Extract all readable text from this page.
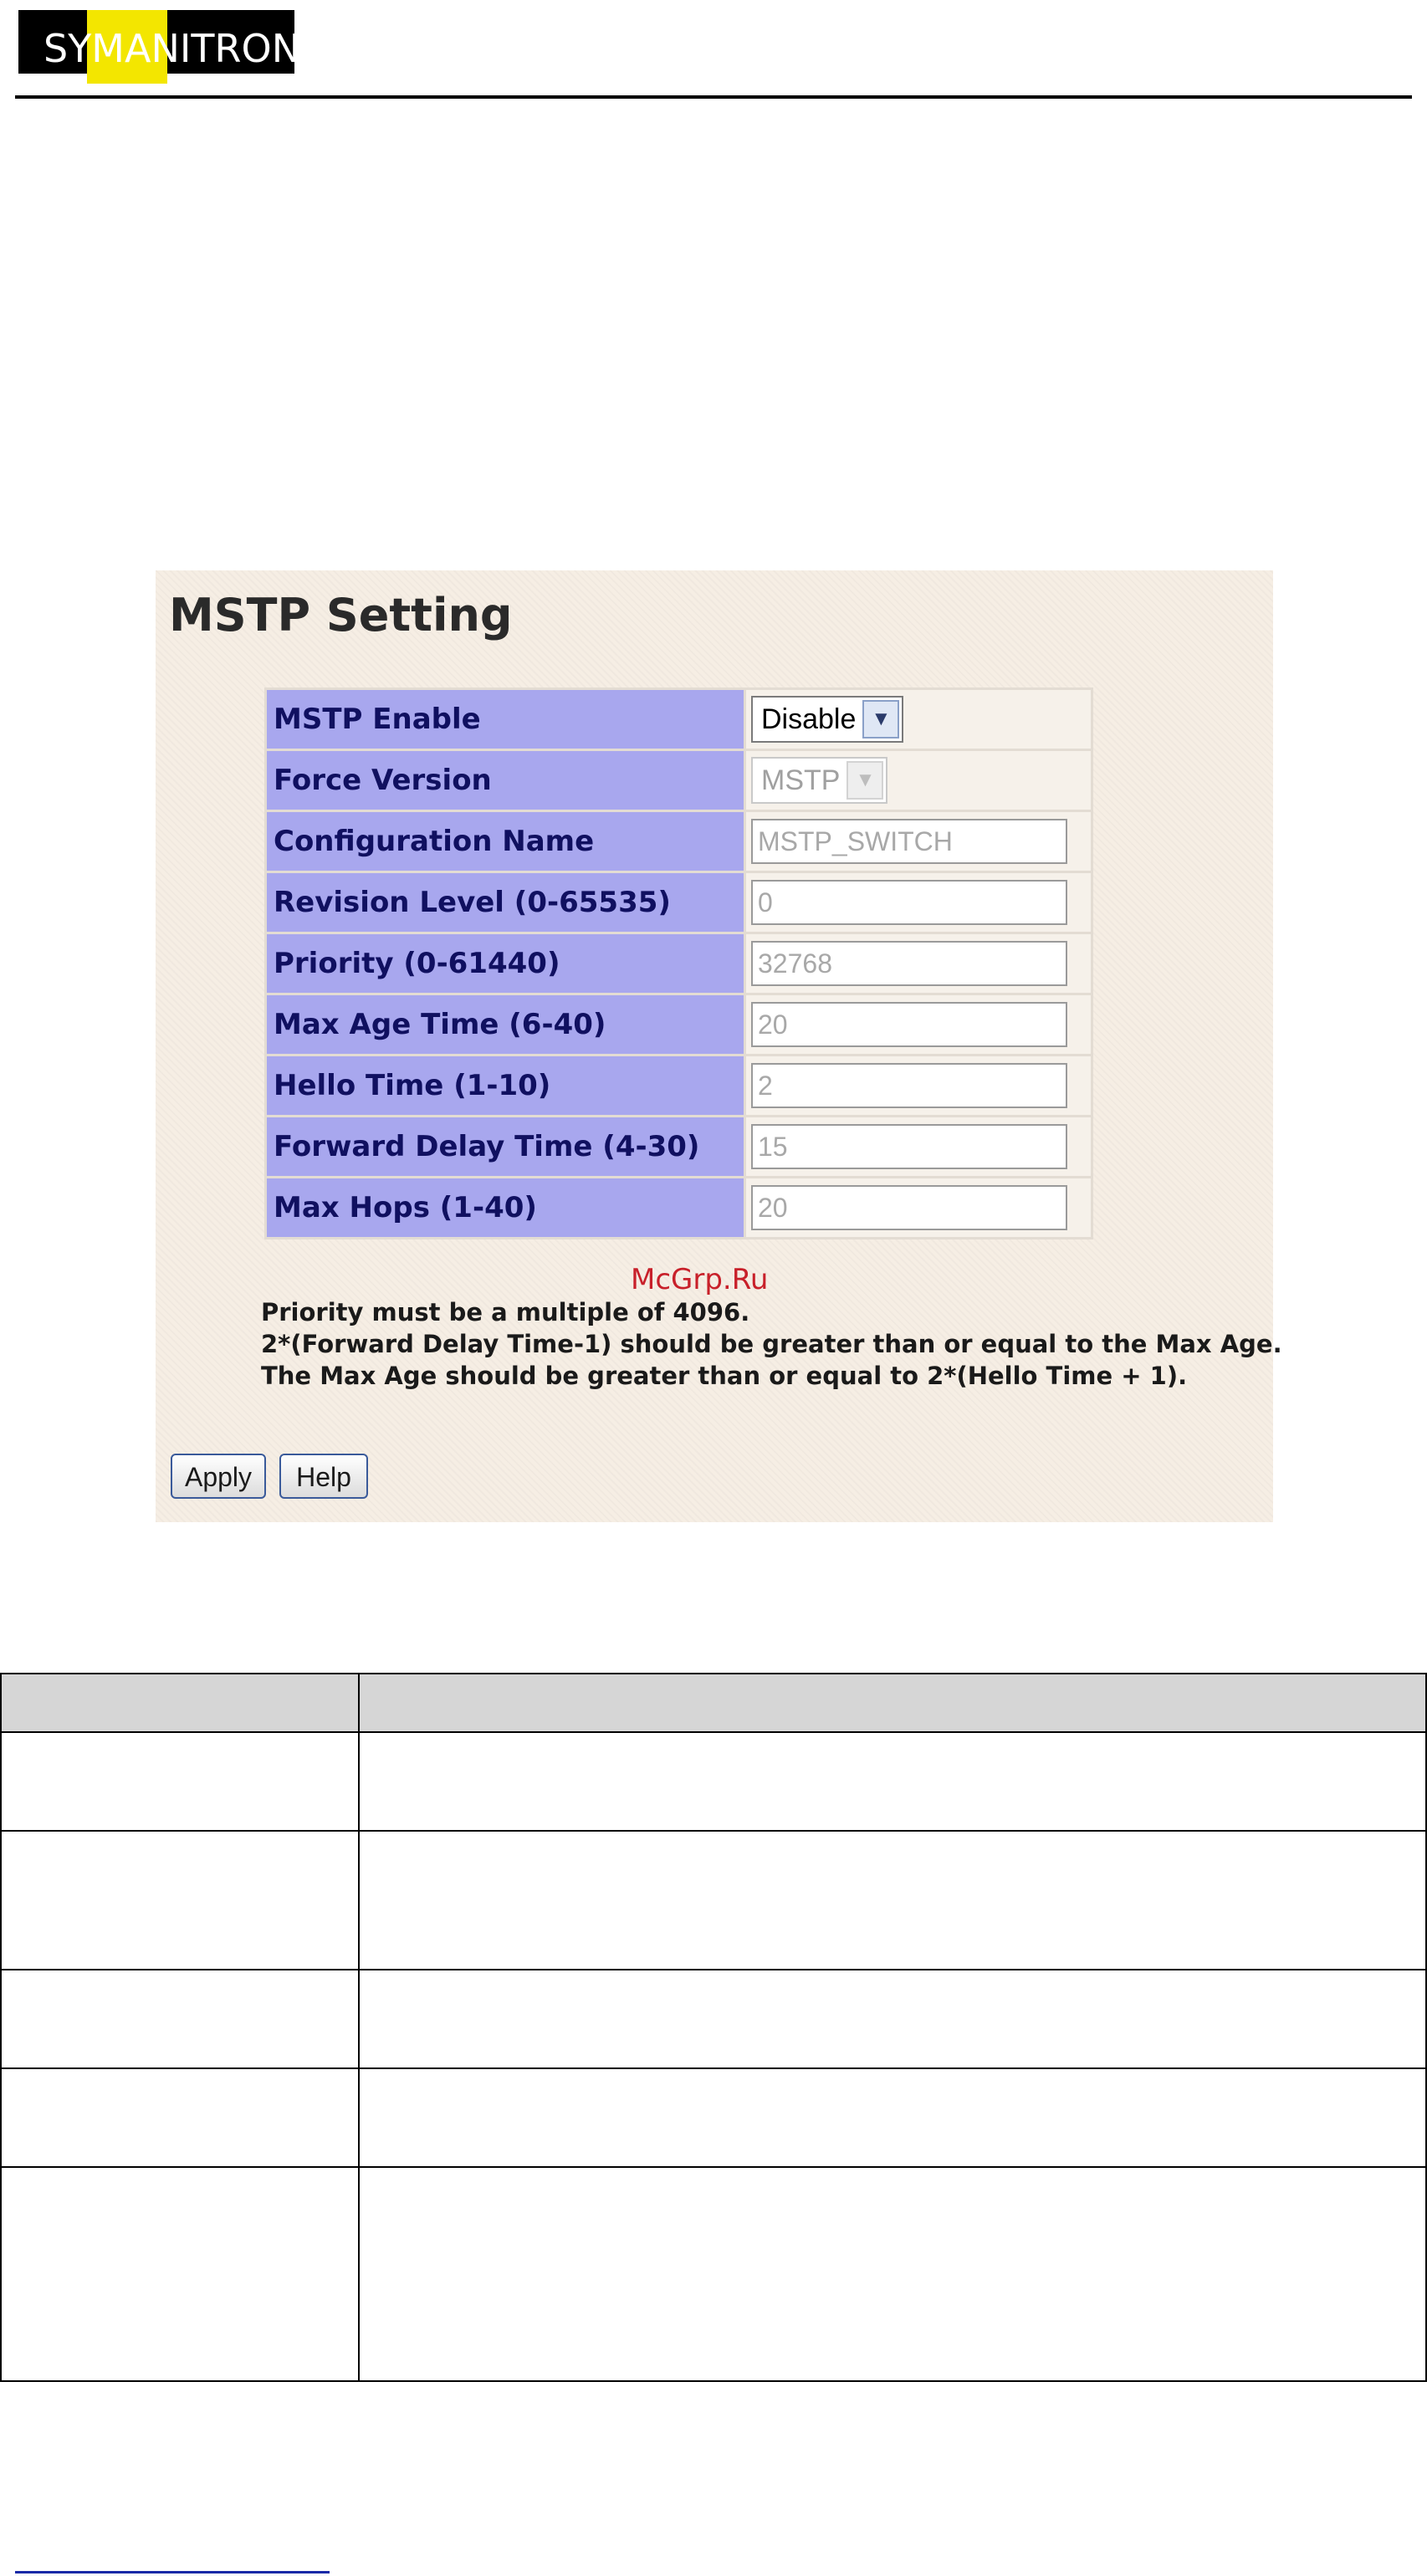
SYMANITRON
MSTP Setting
MSTP Enable	Disable ▼

Force Version	MSTP ▼

Configuration Name	MSTP_SWITCH

Revision Level (0-65535)	0

Priority (0-61440)	32768

Max Age Time (6-40)	20

Hello Time (1-10)	2

Forward Delay Time (4-30)	15

Max Hops (1-40)	20
McGrp.Ru
Priority must be a multiple of 4096.
2*(Forward Delay Time-1) should be greater than or equal to the Max Age.
The Max Age should be greater than or equal to 2*(Hello Time + 1).
Apply	Help
